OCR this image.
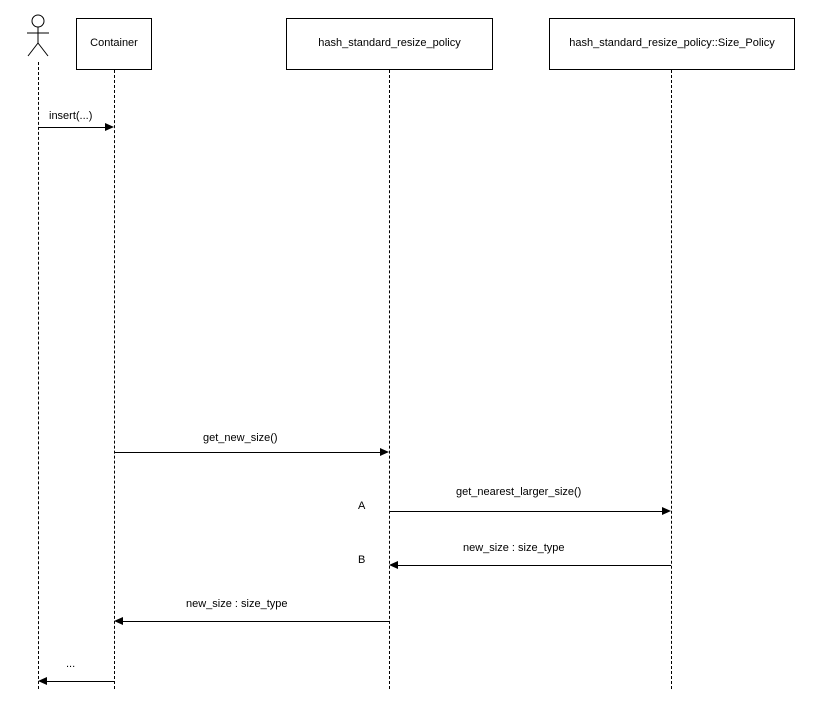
Container	hash_standard_resize_policy	hash_standard_resize_policy::Size_Policy
insert(...)
get_new_size()
get_nearest_larger_size()
A
new_size : size_type
B
new_size : size_type
...
